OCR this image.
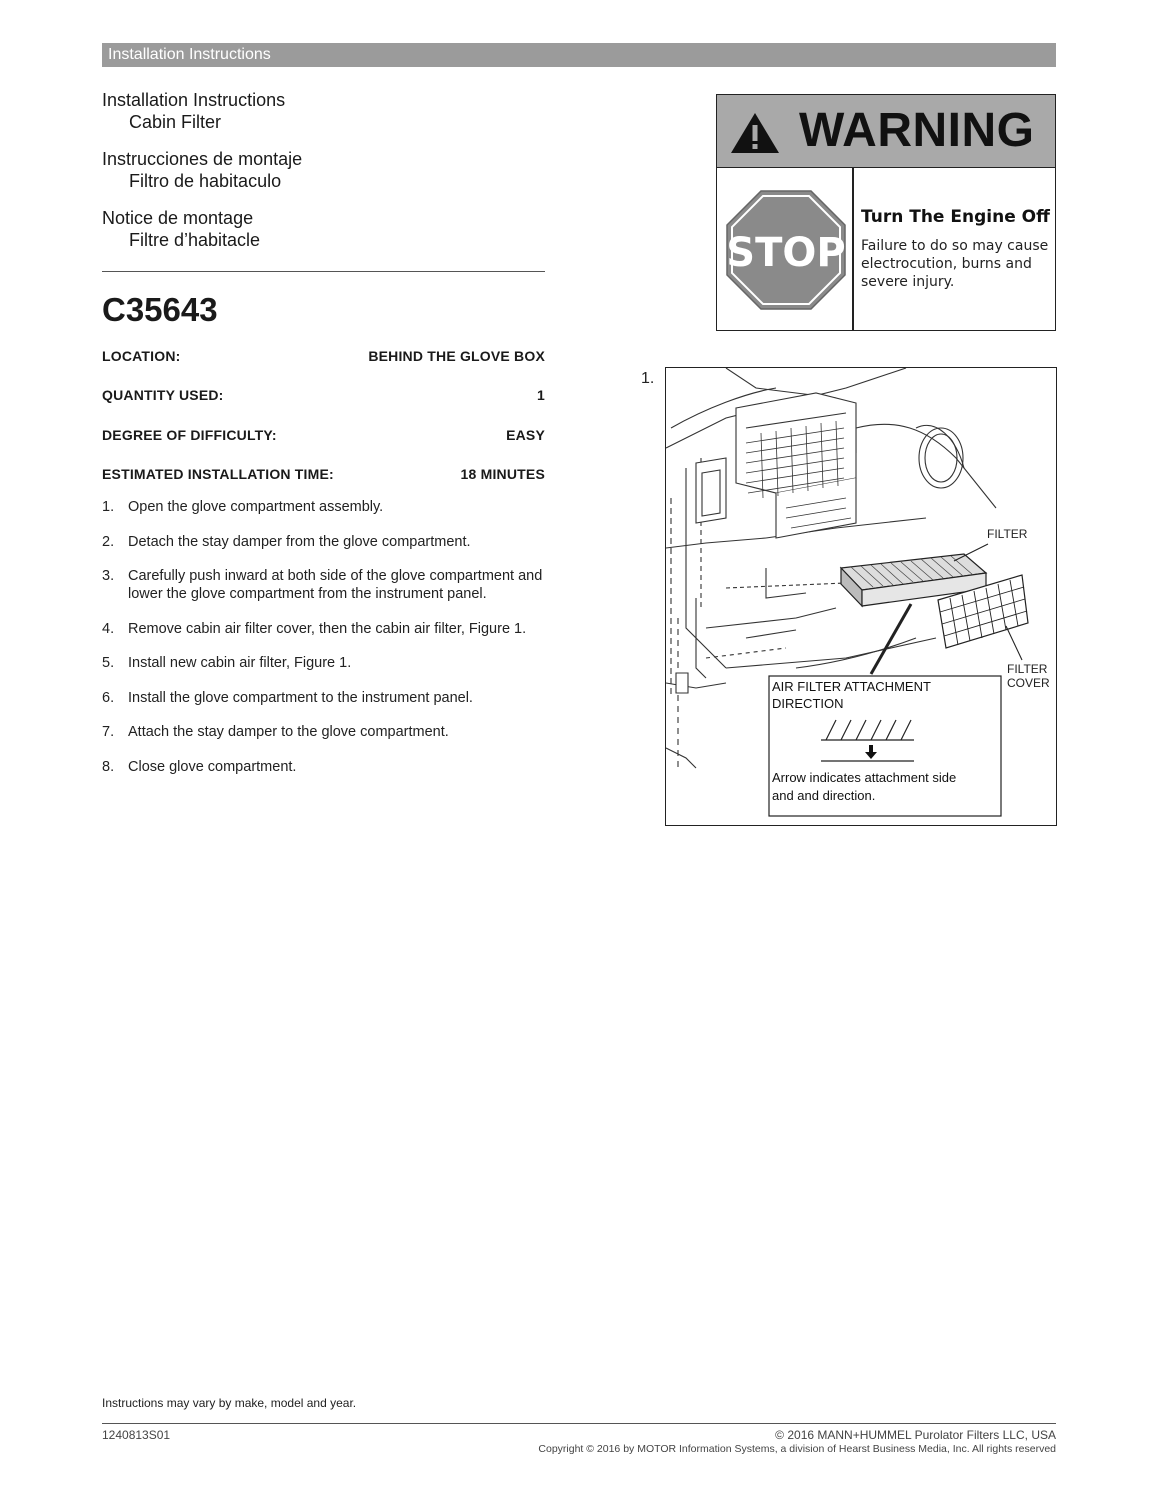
Installation Instructions
Installation Instructions
Cabin Filter
Instrucciones de montaje
Filtro de habitaculo
Notice de montage
Filtre d’habitacle
C35643
LOCATION:	BEHIND THE GLOVE BOX
QUANTITY USED:	1
DEGREE OF DIFFICULTY:	EASY
ESTIMATED INSTALLATION TIME:	18 MINUTES
1. Open the glove compartment assembly.
2. Detach the stay damper from the glove compartment.
3. Carefully push inward at both side of the glove compartment and lower the glove compartment from the instrument panel.
4. Remove cabin air filter cover, then the cabin air filter, Figure 1.
5. Install new cabin air filter, Figure 1.
6. Install the glove compartment to the instrument panel.
7. Attach the stay damper to the glove compartment.
8. Close glove compartment.
WARNING
STOP
Turn The Engine Off
Failure to do so may cause electrocution, burns and severe injury.
1.
FILTER
FILTER
COVER
AIR FILTER ATTACHMENT
DIRECTION
Arrow indicates attachment side
and and direction.
Instructions may vary by make, model and year.
1240813S01	© 2016 MANN+HUMMEL Purolator Filters LLC, USA
Copyright © 2016 by MOTOR Information Systems, a division of Hearst Business Media, Inc. All rights reserved
